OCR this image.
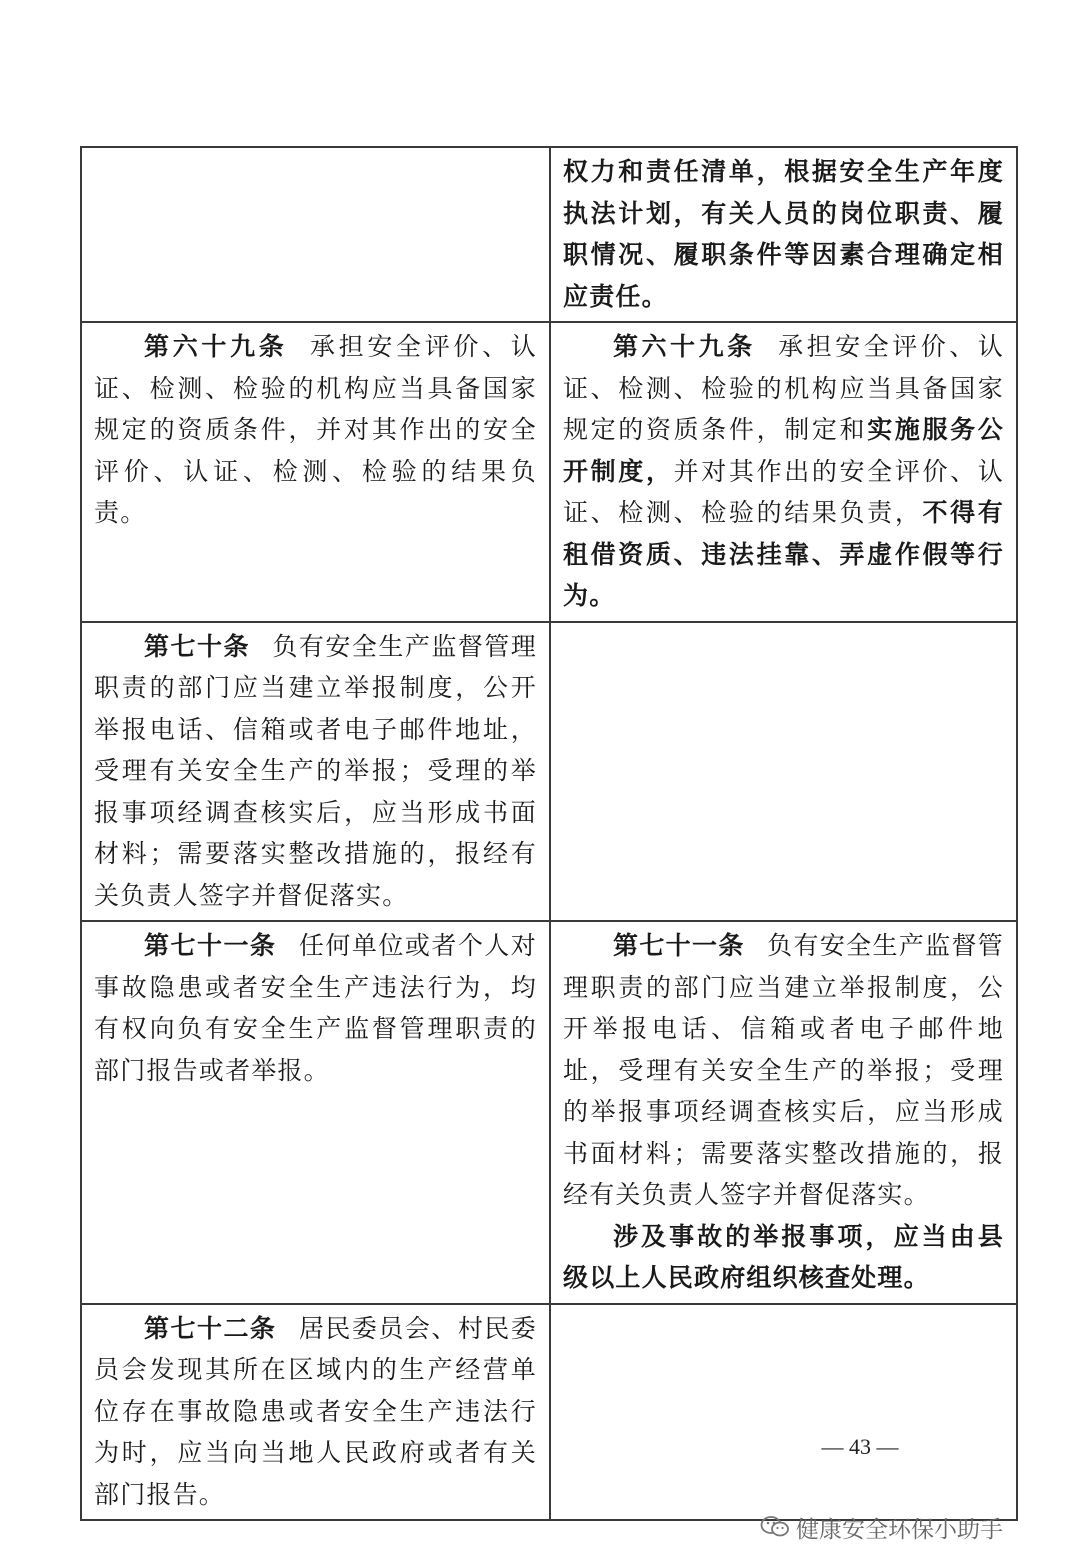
	权力和责任清单，根据安全生产年度执法计划，有关人员的岗位职责、履职情况、履职条件等因素合理确定相应责任。

第六十九条 承担安全评价、认证、检测、检验的机构应当具备国家规定的资质条件，并对其作出的安全评价、认证、检测、检验的结果负责。	第六十九条 承担安全评价、认证、检测、检验的机构应当具备国家规定的资质条件，制定和实施服务公开制度，并对其作出的安全评价、认证、检测、检验的结果负责，不得有租借资质、违法挂靠、弄虚作假等行为。

第七十条 负有安全生产监督管理职责的部门应当建立举报制度，公开举报电话、信箱或者电子邮件地址，受理有关安全生产的举报；受理的举报事项经调查核实后，应当形成书面材料；需要落实整改措施的，报经有关负责人签字并督促落实。	

第七十一条 任何单位或者个人对事故隐患或者安全生产违法行为，均有权向负有安全生产监督管理职责的部门报告或者举报。	第七十一条 负有安全生产监督管理职责的部门应当建立举报制度，公开举报电话、信箱或者电子邮件地址，受理有关安全生产的举报；受理的举报事项经调查核实后，应当形成书面材料；需要落实整改措施的，报经有关负责人签字并督促落实。
涉及事故的举报事项，应当由县级以上人民政府组织核查处理。

第七十二条 居民委员会、村民委员会发现其所在区域内的生产经营单位存在事故隐患或者安全生产违法行为时，应当向当地人民政府或者有关部门报告。	

— 43 —
健康安全环保小助手
